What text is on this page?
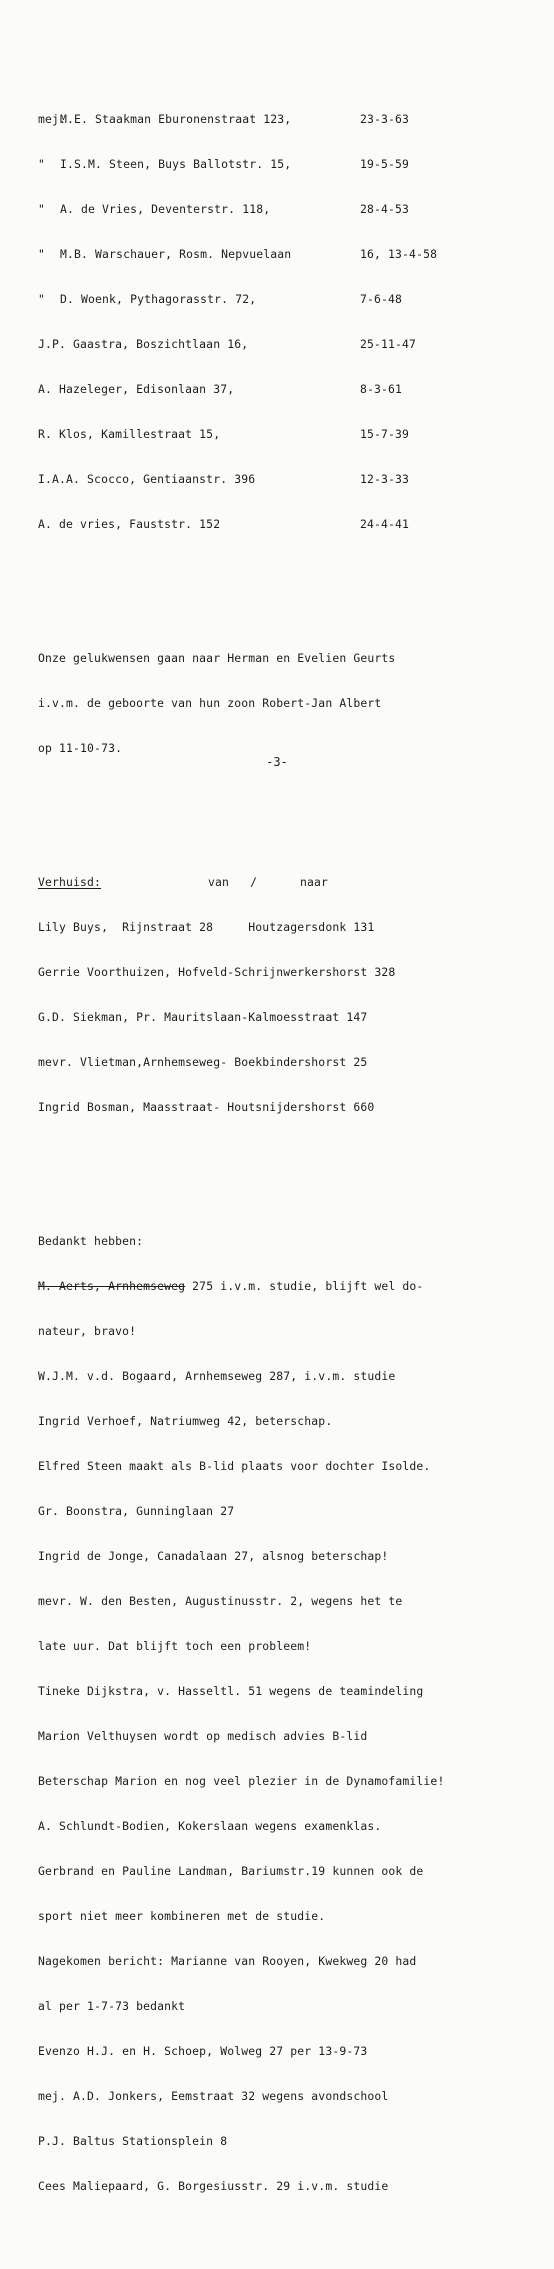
mej.
M.E. Staakman Eburonenstraat 123,	23-3-63

"	I.S.M. Steen, Buys Ballotstr. 15,	19-5-59

"	A. de Vries, Deventerstr. 118,	28-4-53

"	M.B. Warschauer, Rosm. Nepvuelaan	16, 13-4-58

"	D. Woenk, Pythagorasstr. 72,	7-6-48

J.P. Gaastra, Boszichtlaan 16,	25-11-47

A. Hazeleger, Edisonlaan 37,	8-3-61

R. Klos, Kamillestraat 15,	15-7-39

I.A.A. Scocco, Gentiaanstr. 396	12-3-33

A. de vries, Fauststr. 152	24-4-41

Onze gelukwensen gaan naar Herman en Evelien Geurts

i.v.m. de geboorte van hun zoon Robert-Jan Albert

op 11-10-73.

Verhuisd:	van /	naar

Lily Buys,  Rijnstraat 28     Houtzagersdonk 131

Gerrie Voorthuizen, Hofveld-Schrijnwerkershorst 328

G.D. Siekman, Pr. Mauritslaan-Kalmoesstraat 147

mevr. Vlietman,Arnhemseweg- Boekbindershorst 25

Ingrid Bosman, Maasstraat- Houtsnijdershorst 660

Bedankt hebben:

M. Aerts, Arnhemseweg 275 i.v.m. studie, blijft wel do-

nateur, bravo!

W.J.M. v.d. Bogaard, Arnhemseweg 287, i.v.m. studie

Ingrid Verhoef, Natriumweg 42, beterschap.

Elfred Steen maakt als B-lid plaats voor dochter Isolde.

Gr. Boonstra, Gunninglaan 27

Ingrid de Jonge, Canadalaan 27, alsnog beterschap!

mevr. W. den Besten, Augustinusstr. 2, wegens het te

late uur. Dat blijft toch een probleem!

Tineke Dijkstra, v. Hasseltl. 51 wegens de teamindeling

Marion Velthuysen wordt op medisch advies B-lid

Beterschap Marion en nog veel plezier in de Dynamofamilie!

A. Schlundt-Bodien, Kokerslaan wegens examenklas.

Gerbrand en Pauline Landman, Bariumstr.19 kunnen ook de

sport niet meer kombineren met de studie.

Nagekomen bericht: Marianne van Rooyen, Kwekweg 20 had

al per 1-7-73 bedankt

Evenzo H.J. en H. Schoep, Wolweg 27 per 13-9-73

mej. A.D. Jonkers, Eemstraat 32 wegens avondschool

P.J. Baltus Stationsplein 8

Cees Maliepaard, G. Borgesiusstr. 29 i.v.m. studie

-3-
